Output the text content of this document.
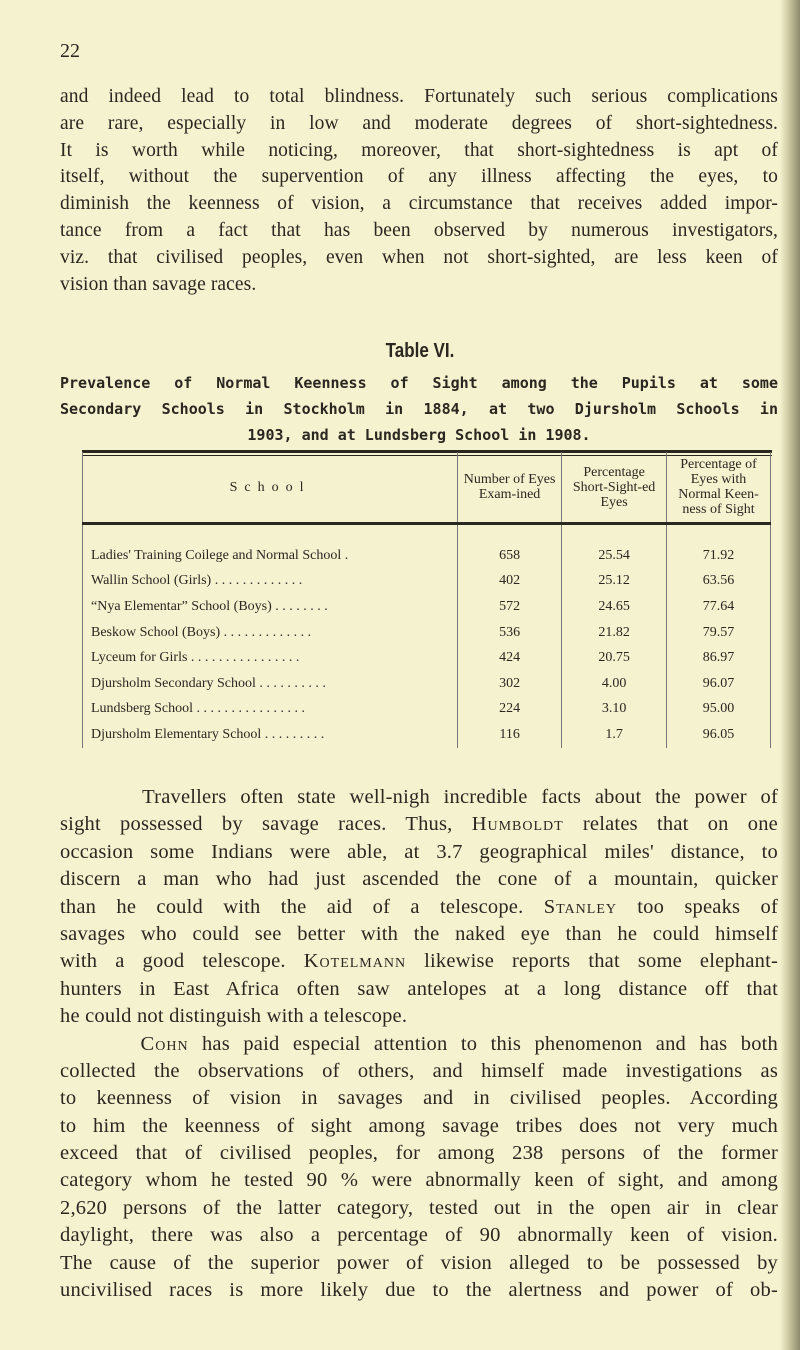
22
and indeed lead to total blindness. Fortunately such serious complications
are rare, especially in low and moderate degrees of short-sightedness.
It is worth while noticing, moreover, that short-sightedness is apt of
itself, without the supervention of any illness affecting the eyes, to
diminish the keenness of vision, a circumstance that receives added impor-
tance from a fact that has been observed by numerous investigators,
viz. that civilised peoples, even when not short-sighted, are less keen of
vision than savage races.
Table VI.
Prevalence of Normal Keenness of Sight among the Pupils at some
Secondary Schools in Stockholm in 1884, at two Djursholm Schools in
1903, and at Lundsberg School in 1908.
School	Number of Eyes Exam-ined	Percentage Short-Sight-ed Eyes	Percentage of Eyes with Normal Keen-ness of Sight
Ladies' Training Coilege and Normal School .	658	25.54	71.92
Wallin School (Girls) . . . . . . . . . . . . .	402	25.12	63.56
“Nya Elementar” School (Boys) . . . . . . . .	572	24.65	77.64
Beskow School (Boys) . . . . . . . . . . . . .	536	21.82	79.57
Lyceum for Girls . . . . . . . . . . . . . . . .	424	20.75	86.97
Djursholm Secondary School . . . . . . . . . .	302	4.00	96.07
Lundsberg School . . . . . . . . . . . . . . . .	224	3.10	95.00
Djursholm Elementary School . . . . . . . . .	116	1.7	96.05
Travellers often state well-nigh incredible facts about the power of
sight possessed by savage races. Thus, Humboldt relates that on one
occasion some Indians were able, at 3.7 geographical miles' distance, to
discern a man who had just ascended the cone of a mountain, quicker
than he could with the aid of a telescope. Stanley too speaks of
savages who could see better with the naked eye than he could himself
with a good telescope. Kotelmann likewise reports that some elephant-
hunters in East Africa often saw antelopes at a long distance off that
he could not distinguish with a telescope.
Cohn has paid especial attention to this phenomenon and has both
collected the observations of others, and himself made investigations as
to keenness of vision in savages and in civilised peoples. According
to him the keenness of sight among savage tribes does not very much
exceed that of civilised peoples, for among 238 persons of the former
category whom he tested 90 % were abnormally keen of sight, and among
2,620 persons of the latter category, tested out in the open air in clear
daylight, there was also a percentage of 90 abnormally keen of vision.
The cause of the superior power of vision alleged to be possessed by
uncivilised races is more likely due to the alertness and power of ob-
